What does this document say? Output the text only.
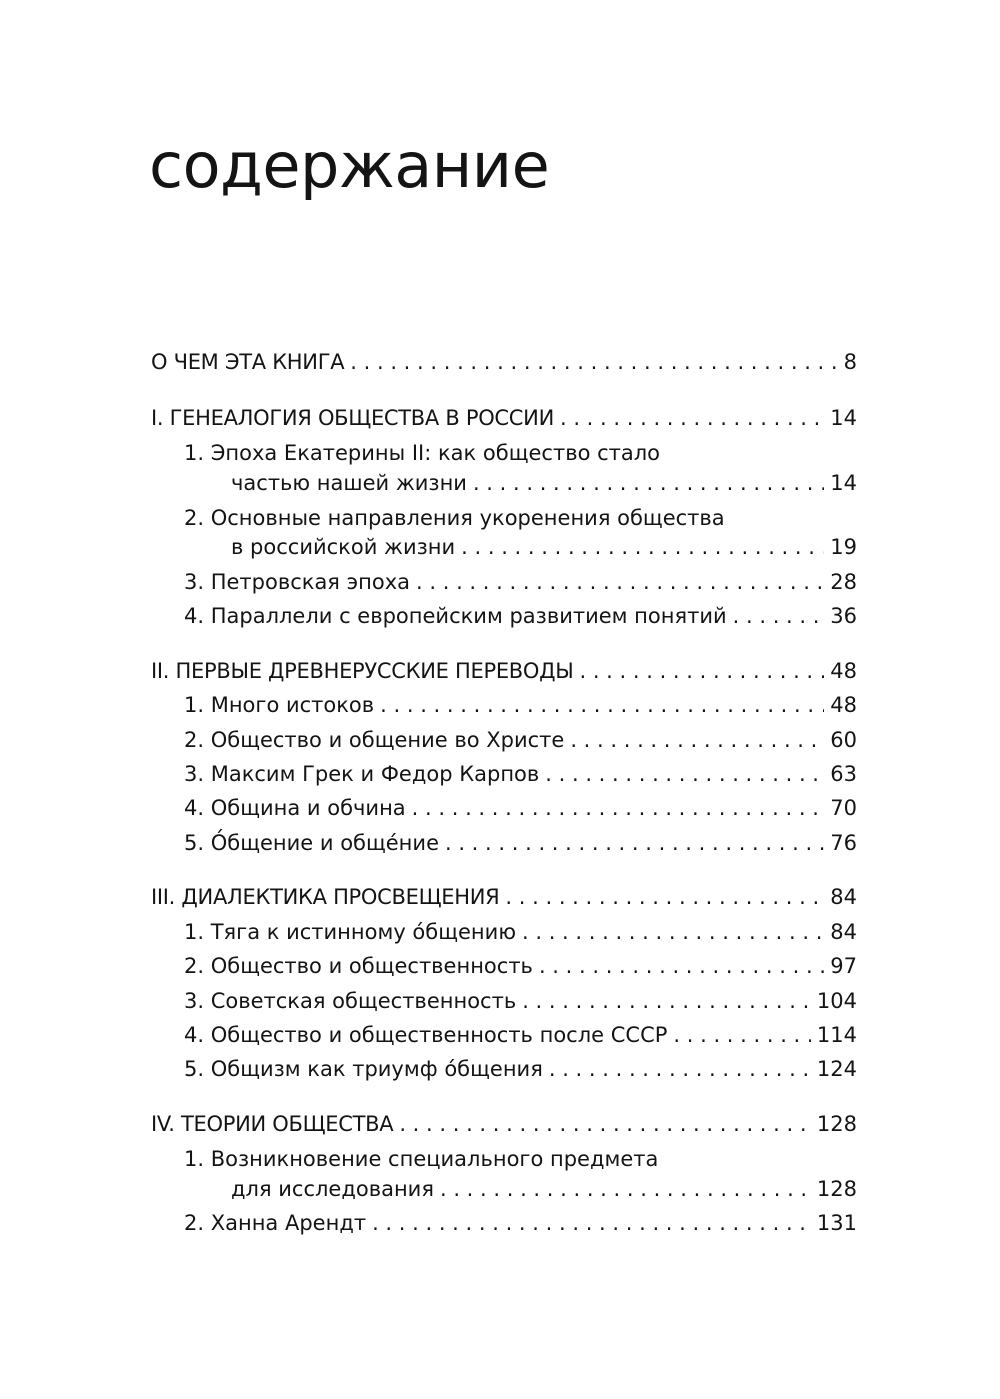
содержание
О ЧЕМ ЭТА КНИГА . . .	8
I. ГЕНЕАЛОГИЯ ОБЩЕСТВА В РОССИИ . . .	14
1. Эпоха Екатерины II: как общество стало
частью нашей жизни . . .	14
2. Основные направления укоренения общества
в российской жизни . . .	19
3. Петровская эпоха . . .	28
4. Параллели с европейским развитием понятий . . .	36
II. ПЕРВЫЕ ДРЕВНЕРУССКИЕ ПЕРЕВОДЫ . . .	48
1. Много истоков . . .	48
2. Общество и общение во Христе . . .	60
3. Максим Грек и Федор Карпов . . .	63
4. Община и обчина . . .	70
5. О́бщение и обще́ние . . .	76
III. ДИАЛЕКТИКА ПРОСВЕЩЕНИЯ . . .	84
1. Тяга к истинному о́бщению . . .	84
2. Общество и общественность . . .	97
3. Советская общественность . . .	104
4. Общество и общественность после СССР . . .	114
5. Общизм как триумф о́бщения . . .	124
IV. ТЕОРИИ ОБЩЕСТВА . . .	128
1. Возникновение специального предмета
для исследования . . .	128
2. Ханна Арендт . . .	131
